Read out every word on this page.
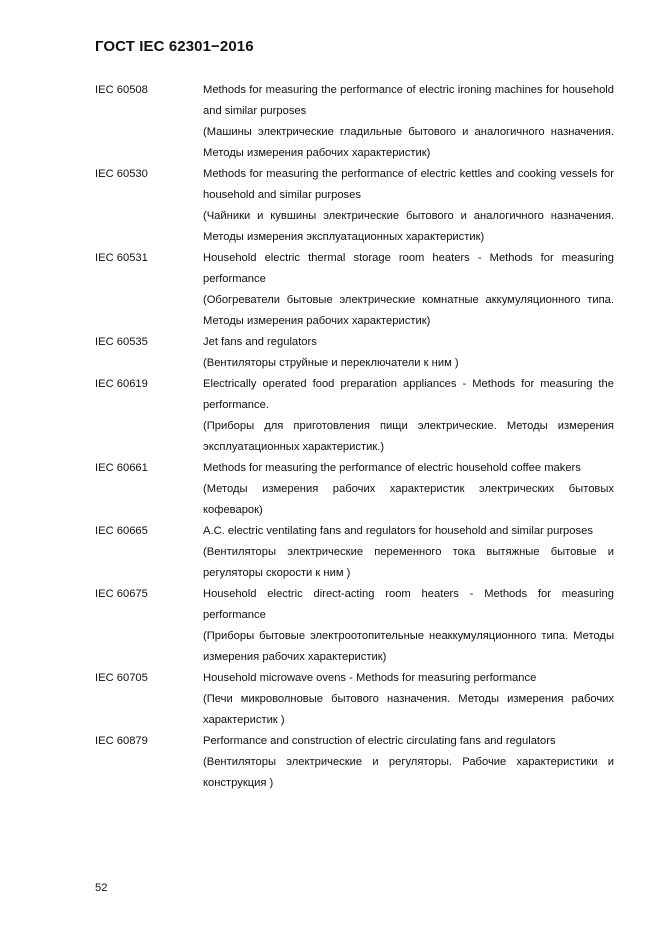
ГОСТ IEC 62301−2016
IEC 60508	Methods for measuring the performance of electric ironing machines for household and similar purposes

(Машины электрические гладильные бытового и аналогичного назначения. Методы измерения рабочих характеристик)

IEC 60530	Methods for measuring the performance of electric kettles and cooking vessels for household and similar purposes

(Чайники и кувшины электрические бытового и аналогичного назначения. Методы измерения эксплуатационных характеристик)

IEC 60531	Household electric thermal storage room heaters - Methods for measuring performance

(Обогреватели бытовые электрические комнатные аккумуляционного типа. Методы измерения рабочих характеристик)

IEC 60535	Jet fans and regulators

(Вентиляторы струйные и переключатели к ним )

IEC 60619	Electrically operated food preparation appliances - Methods for measuring the performance.

(Приборы для приготовления пищи электрические. Методы измерения эксплуатационных характеристик.)

IEC 60661	Methods for measuring the performance of electric household coffee makers

(Методы измерения рабочих характеристик электрических бытовых кофеварок)

IEC 60665	A.C. electric ventilating fans and regulators for household and similar purposes

(Вентиляторы электрические переменного тока вытяжные бытовые и регуляторы скорости к ним )

IEC 60675	Household electric direct-acting room heaters - Methods for measuring performance

(Приборы бытовые электроотопительные неаккумуляционного типа. Методы измерения рабочих характеристик)

IEC 60705	Household microwave ovens - Methods for measuring performance

(Печи микроволновые бытового назначения. Методы измерения рабочих характеристик )

IEC 60879	Performance and construction of electric circulating fans and regulators

(Вентиляторы электрические и регуляторы. Рабочие характеристики и конструкция )

52
